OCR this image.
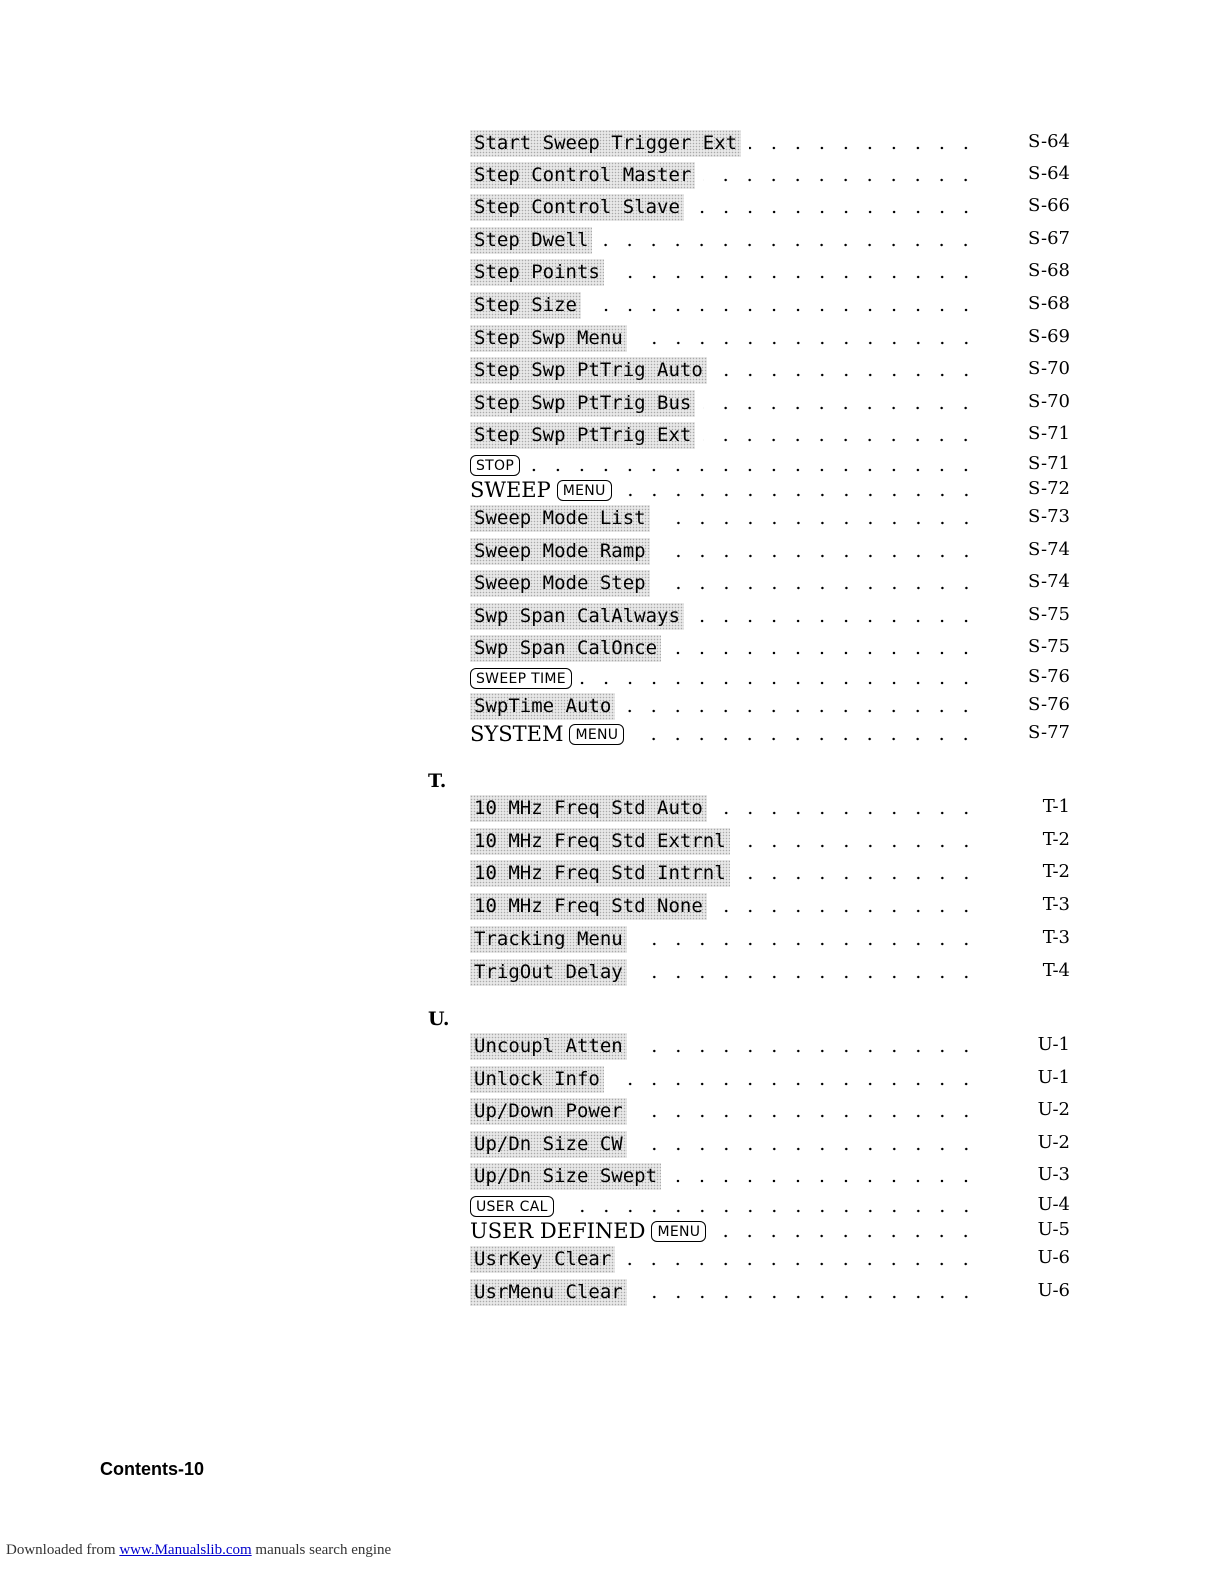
Start Sweep Trigger Ext	S-64
Step Control Master	S-64
Step Control Slave	S-66
Step Dwell	S-67
Step Points	S-68
Step Size	S-68
Step Swp Menu	S-69
Step Swp PtTrig Auto	S-70
Step Swp PtTrig Bus	S-70
Step Swp PtTrig Ext	S-71
STOP	S-71
SWEEP MENU	S-72
Sweep Mode List	S-73
Sweep Mode Ramp	S-74
Sweep Mode Step	S-74
Swp Span CalAlways	S-75
Swp Span CalOnce	S-75
SWEEP TIME	S-76
SwpTime Auto	S-76
SYSTEM MENU	S-77
T.
10 MHz Freq Std Auto	T-1
10 MHz Freq Std Extrnl	T-2
10 MHz Freq Std Intrnl	T-2
10 MHz Freq Std None	T-3
Tracking Menu	T-3
TrigOut Delay	T-4
U.
Uncoupl Atten	U-1
Unlock Info	U-1
Up/Down Power	U-2
Up/Dn Size CW	U-2
Up/Dn Size Swept	U-3
USER CAL	U-4
USER DEFINED MENU	U-5
UsrKey Clear	U-6
UsrMenu Clear	U-6
Contents-10
Downloaded from www.Manualslib.com manuals search engine
